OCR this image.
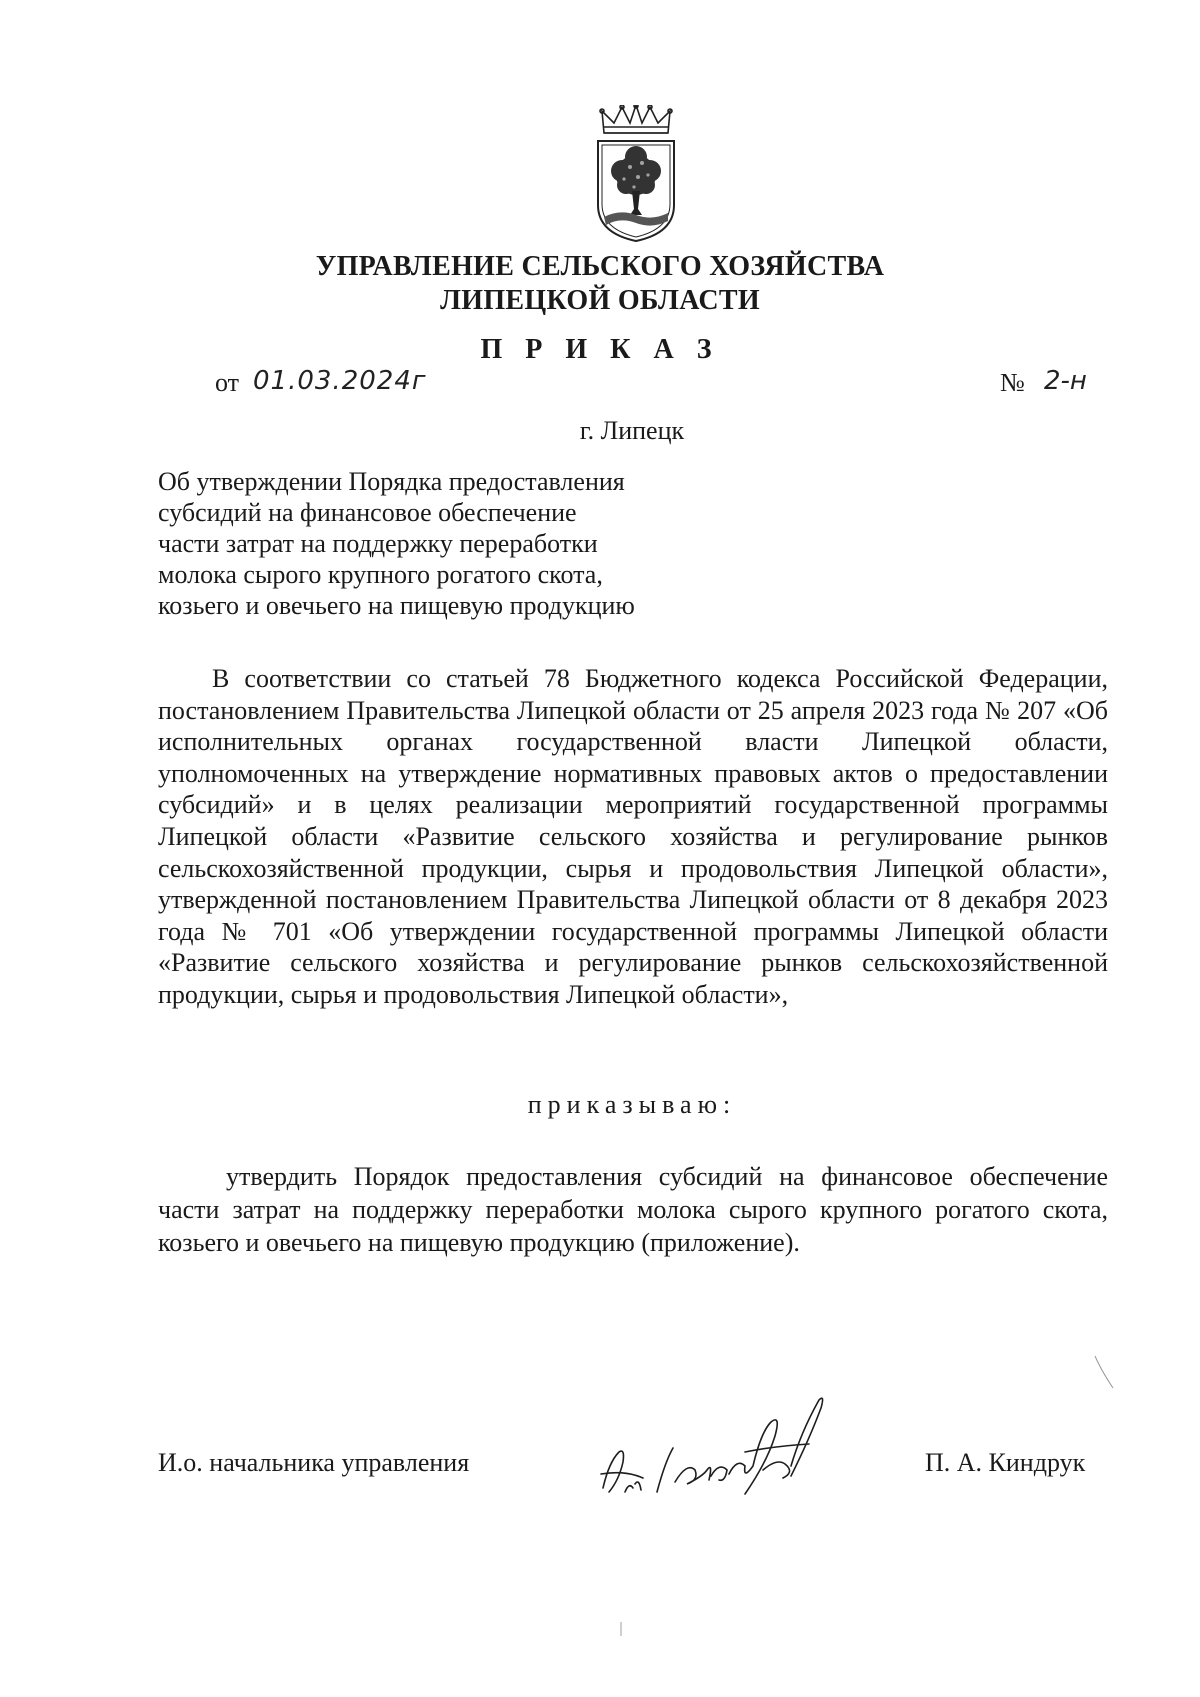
УПРАВЛЕНИЕ СЕЛЬСКОГО ХОЗЯЙСТВА
ЛИПЕЦКОЙ ОБЛАСТИ
П Р И К А З
от 01.03.2024г	№ 2-н
г. Липецк
Об утверждении Порядка предоставления
субсидий на финансовое обеспечение
части затрат на поддержку переработки
молока сырого крупного рогатого скота,
козьего и овечьего на пищевую продукцию
В соответствии со статьей 78 Бюджетного кодекса Российской Федерации, постановлением Правительства Липецкой области от 25 апреля 2023 года № 207 «Об исполнительных органах государственной власти Липецкой области, уполномоченных на утверждение нормативных правовых актов о предоставлении субсидий» и в целях реализации мероприятий государственной программы Липецкой области «Развитие сельского хозяйства и регулирование рынков сельскохозяйственной продукции, сырья и продовольствия Липецкой области», утвержденной постановлением Правительства Липецкой области от 8 декабря 2023 года № 701 «Об утверждении государственной программы Липецкой области «Развитие сельского хозяйства и регулирование рынков сельскохозяйственной продукции, сырья и продовольствия Липецкой области»,
приказываю:
утвердить Порядок предоставления субсидий на финансовое обеспечение части затрат на поддержку переработки молока сырого крупного рогатого скота, козьего и овечьего на пищевую продукцию (приложение).
И.о. начальника управления	П. А. Киндрук
